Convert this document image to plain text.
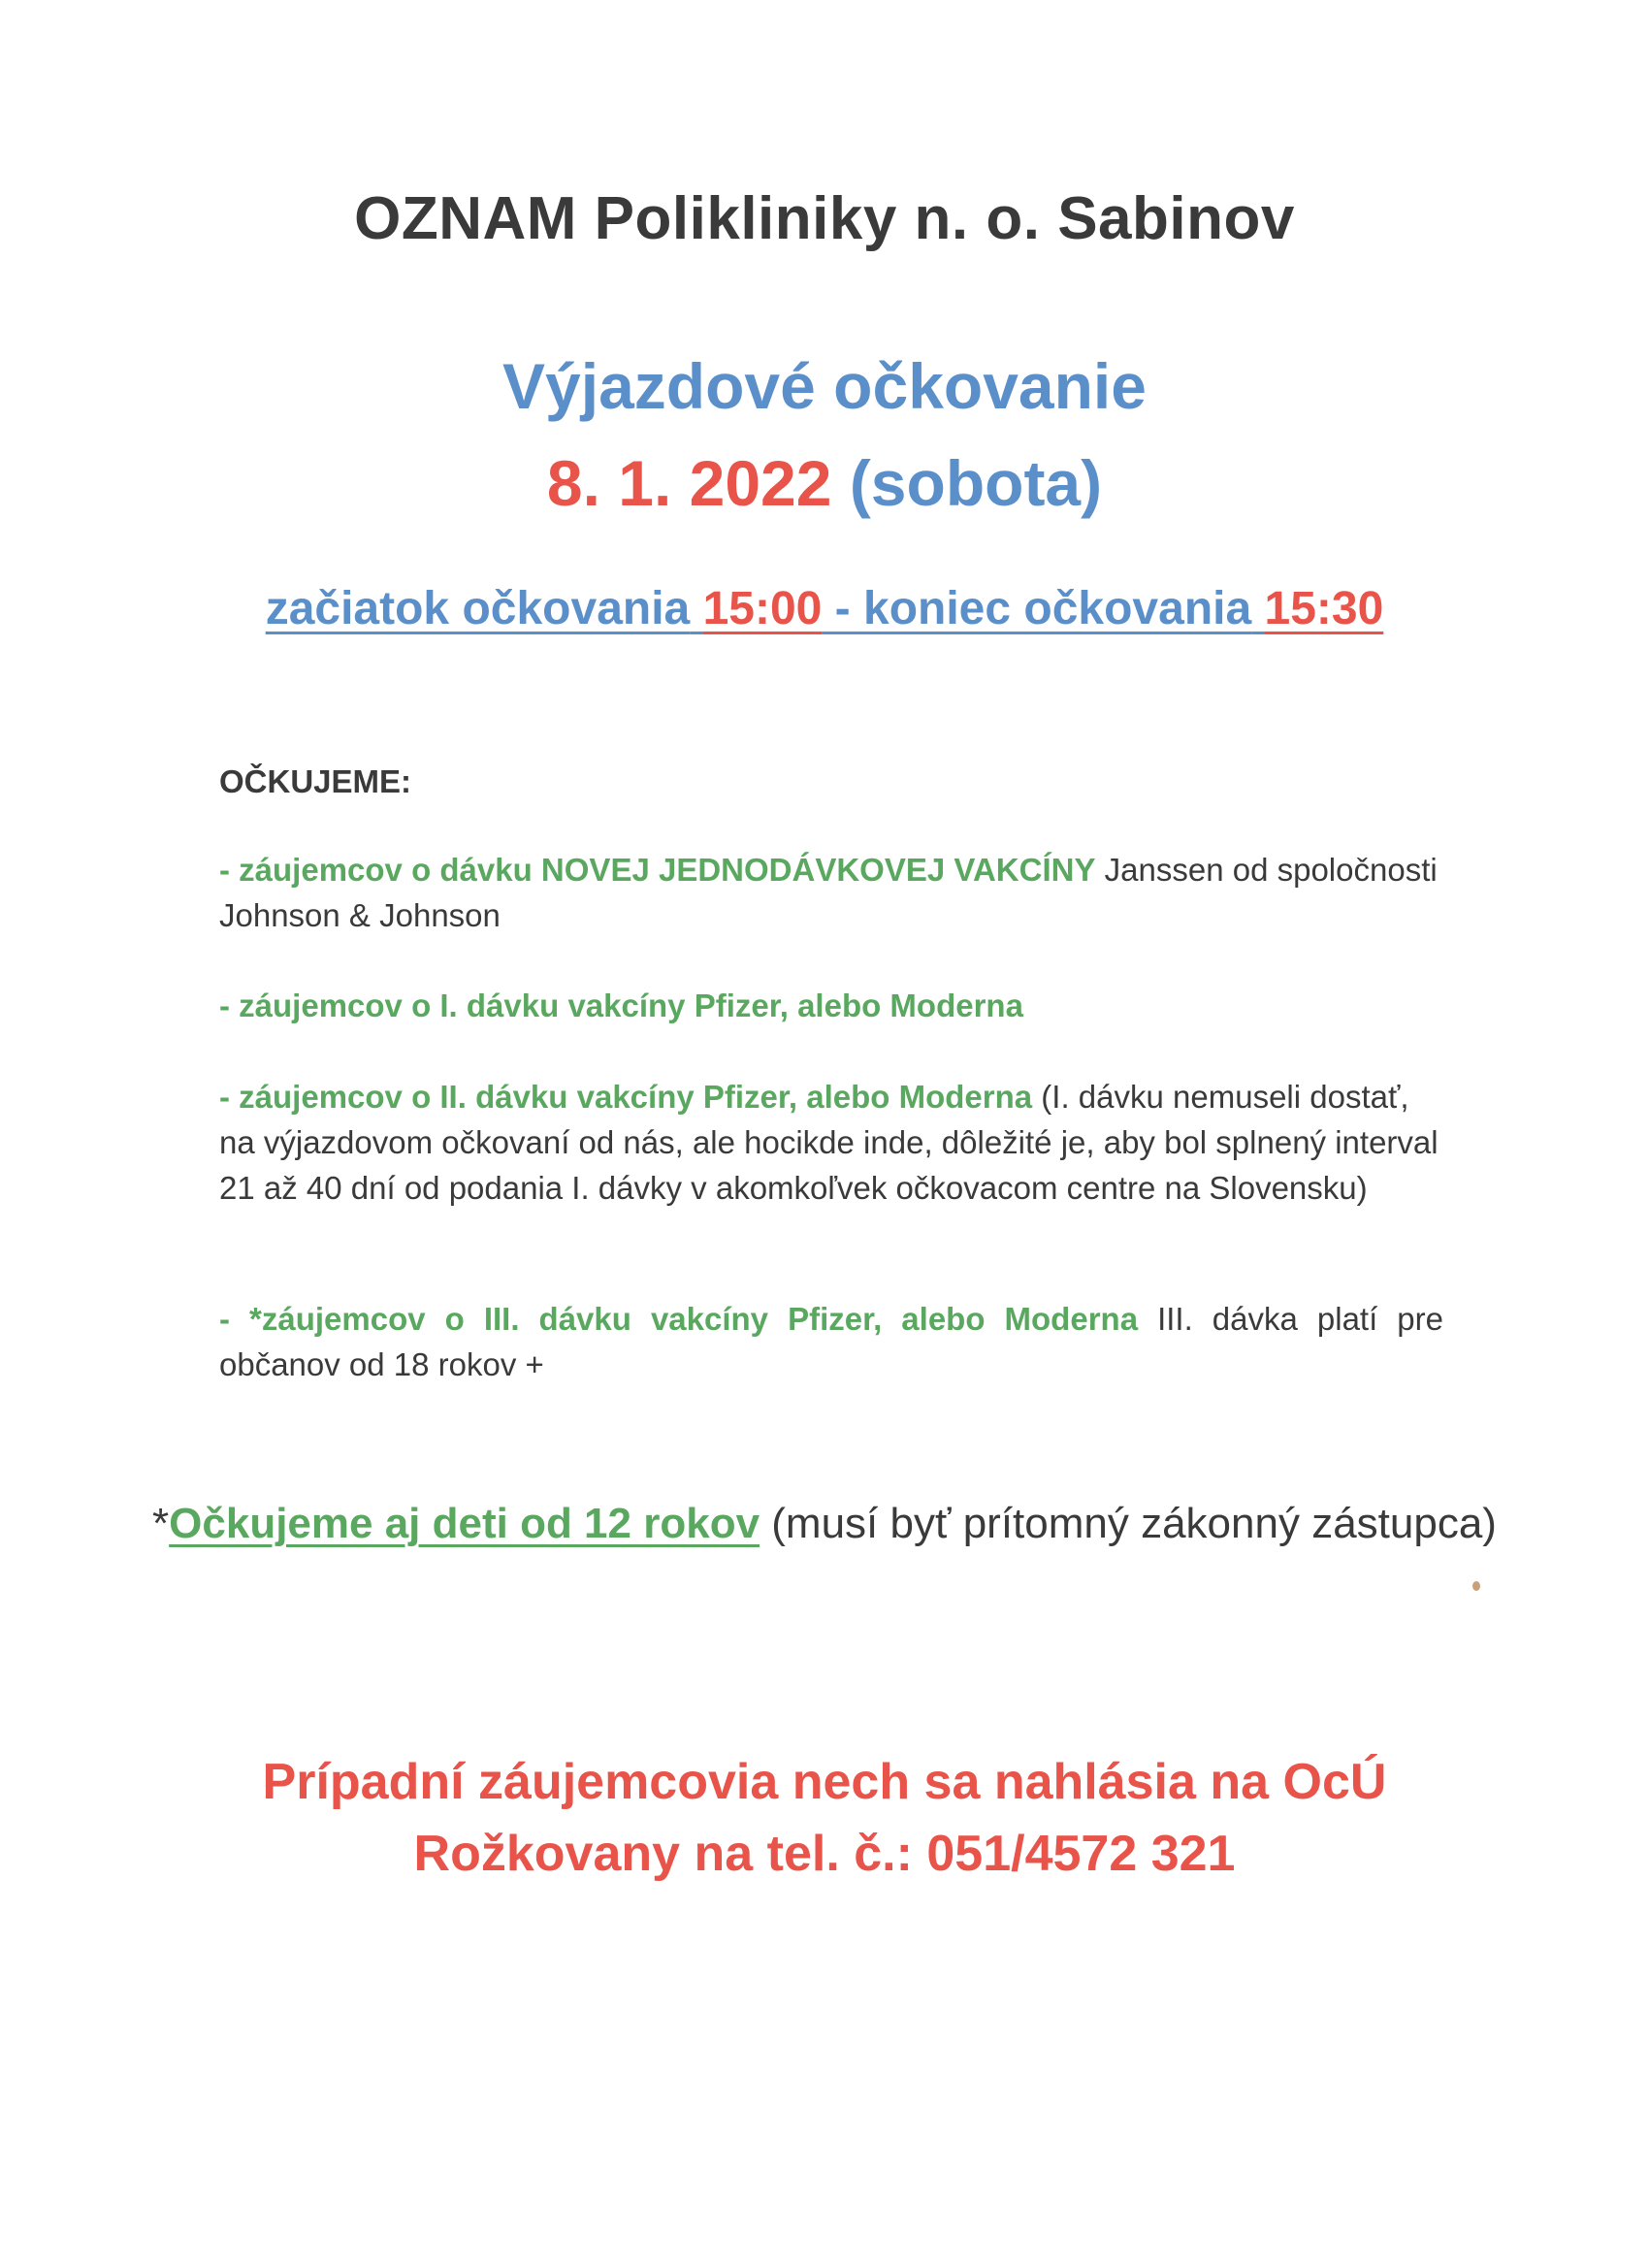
OZNAM Polikliniky n. o. Sabinov
Výjazdové očkovanie
8. 1. 2022 (sobota)
začiatok očkovania 15:00 - koniec očkovania 15:30
OČKUJEME:
- záujemcov o dávku NOVEJ JEDNODÁVKOVEJ VAKCÍNY Janssen od spoločnosti Johnson & Johnson
- záujemcov o I. dávku vakcíny Pfizer, alebo Moderna
- záujemcov o II. dávku vakcíny Pfizer, alebo Moderna (I. dávku nemuseli dostať, na výjazdovom očkovaní od nás, ale hocikde inde, dôležité je, aby bol splnený interval 21 až 40 dní od podania I. dávky v akomkoľvek očkovacom centre na Slovensku)
- *záujemcov o III. dávku vakcíny Pfizer, alebo Moderna III. dávka platí pre občanov od 18 rokov +
*Očkujeme aj deti od 12 rokov (musí byť prítomný zákonný zástupca)
Prípadní záujemcovia nech sa nahlásia na OcÚ
Rožkovany na tel. č.: 051/4572 321
